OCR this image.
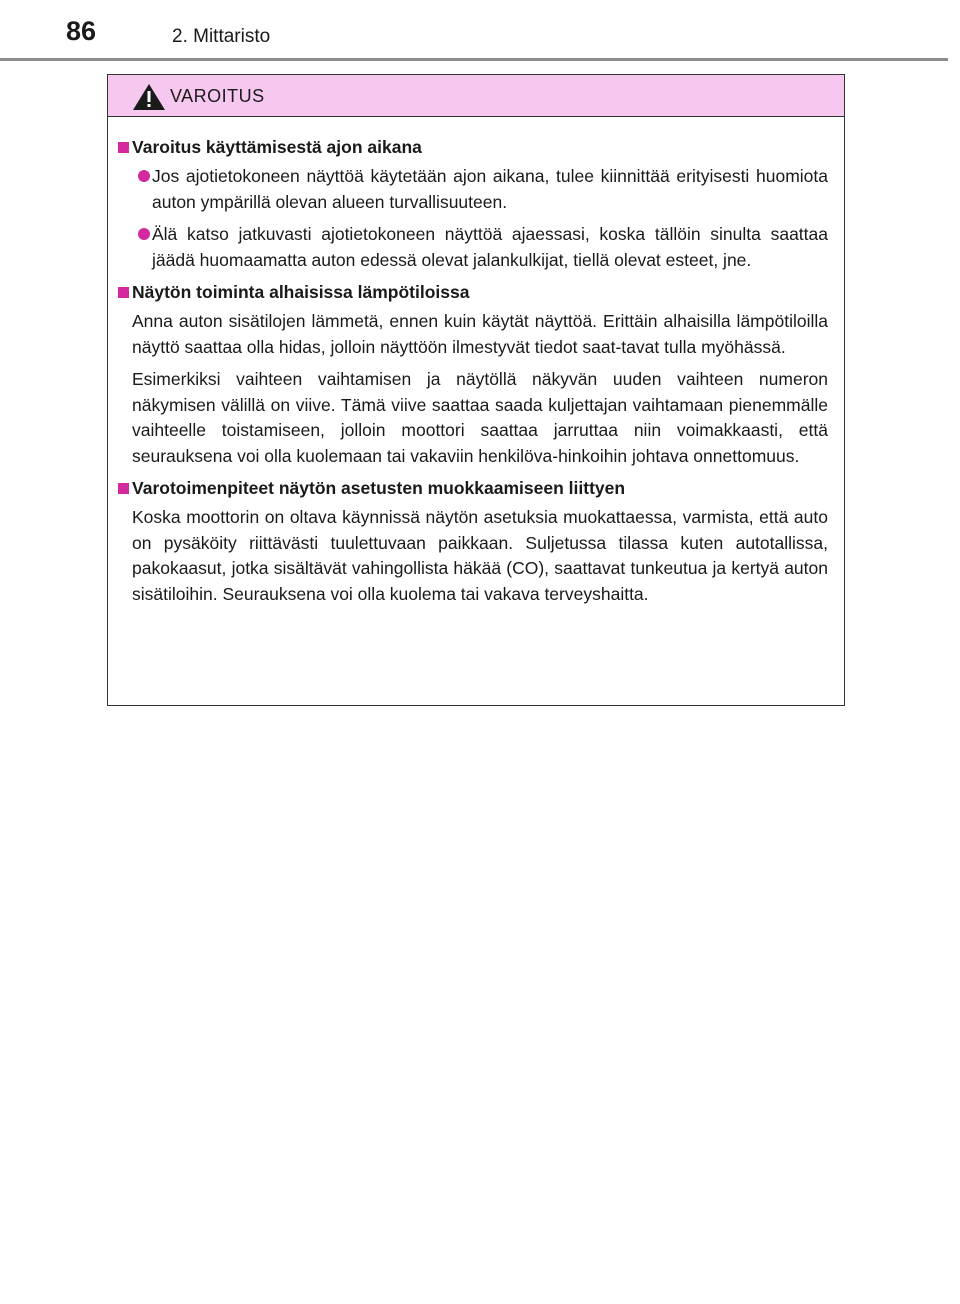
86	2. Mittaristo
VAROITUS
Varoitus käyttämisestä ajon aikana
Jos ajotietokoneen näyttöä käytetään ajon aikana, tulee kiinnittää erityisesti huomiota auton ympärillä olevan alueen turvallisuuteen.
Älä katso jatkuvasti ajotietokoneen näyttöä ajaessasi, koska tällöin sinulta saattaa jäädä huomaamatta auton edessä olevat jalankulkijat, tiellä olevat esteet, jne.
Näytön toiminta alhaisissa lämpötiloissa
Anna auton sisätilojen lämmetä, ennen kuin käytät näyttöä. Erittäin alhaisilla lämpötiloilla näyttö saattaa olla hidas, jolloin näyttöön ilmestyvät tiedot saat-tavat tulla myöhässä.
Esimerkiksi vaihteen vaihtamisen ja näytöllä näkyvän uuden vaihteen numeron näkymisen välillä on viive. Tämä viive saattaa saada kuljettajan vaihtamaan pienemmälle vaihteelle toistamiseen, jolloin moottori saattaa jarruttaa niin voimakkaasti, että seurauksena voi olla kuolemaan tai vakaviin henkilöva-hinkoihin johtava onnettomuus.
Varotoimenpiteet näytön asetusten muokkaamiseen liittyen
Koska moottorin on oltava käynnissä näytön asetuksia muokattaessa, varmista, että auto on pysäköity riittävästi tuulettuvaan paikkaan. Suljetussa tilassa kuten autotallissa, pakokaasut, jotka sisältävät vahingollista häkää (CO), saattavat tunkeutua ja kertyä auton sisätiloihin. Seurauksena voi olla kuolema tai vakava terveyshaitta.
